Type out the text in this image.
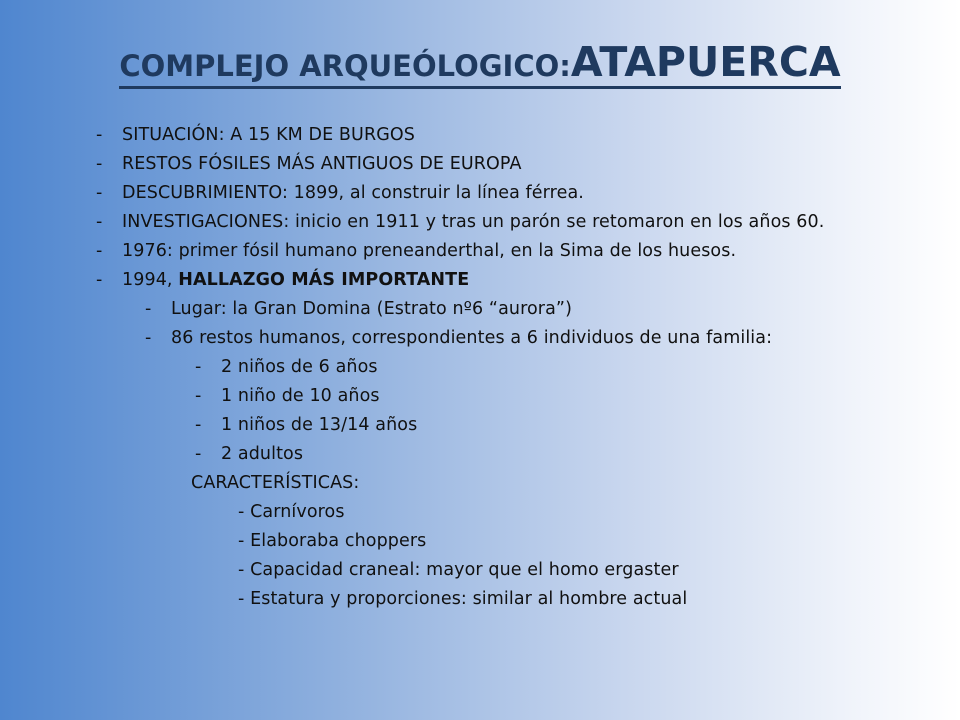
COMPLEJO ARQUEÓLOGICO:ATAPUERCA
- SITUACIÓN: A 15 KM DE BURGOS
- RESTOS FÓSILES MÁS ANTIGUOS DE EUROPA
- DESCUBRIMIENTO: 1899, al construir la línea férrea.
- INVESTIGACIONES: inicio en 1911 y tras un parón se retomaron en los años 60.
- 1976: primer fósil humano preneanderthal, en la Sima de los huesos.
- 1994, HALLAZGO MÁS IMPORTANTE
- Lugar: la Gran Domina (Estrato nº6 “aurora”)
- 86 restos humanos, correspondientes a 6 individuos de una familia:
- 2 niños de 6 años
- 1 niño de 10 años
- 1 niños de 13/14 años
- 2 adultos
CARACTERÍSTICAS:
- Carnívoros
- Elaboraba choppers
- Capacidad craneal: mayor que el homo ergaster
- Estatura y proporciones: similar al hombre actual
